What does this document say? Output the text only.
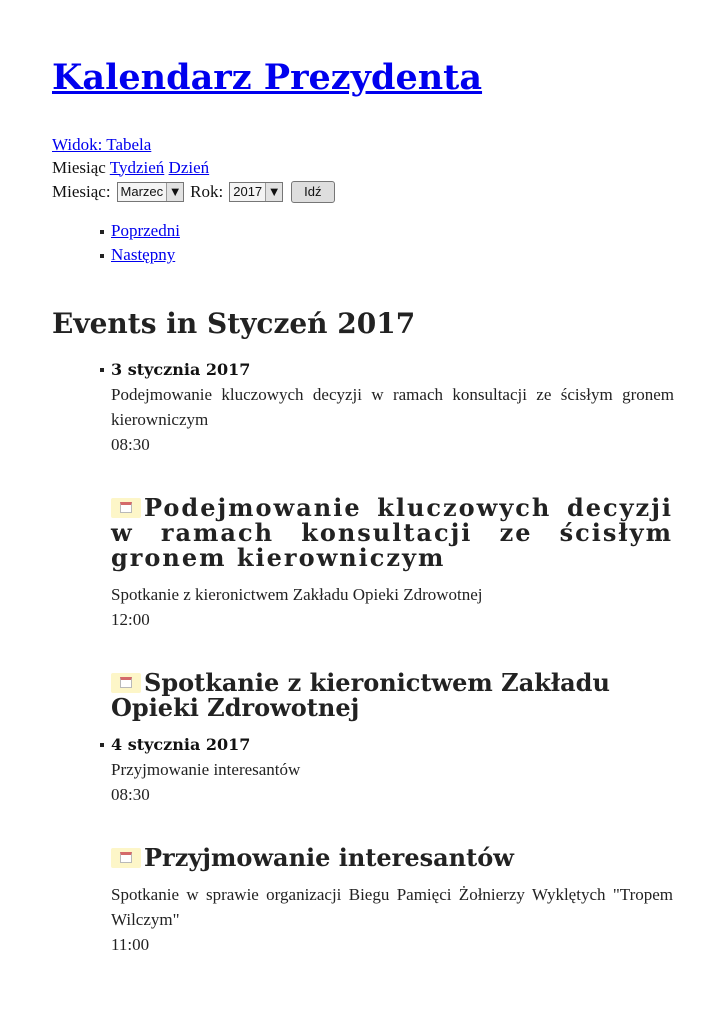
Kalendarz Prezydenta
Widok: Tabela
Miesiąc Tydzień Dzień
Miesiąc: Marzec ▼ Rok: 2017 ▼	Idź
Poprzedni
Następny
Events in Styczeń 2017
3 stycznia 2017

Podejmowanie kluczowych decyzji w ramach konsultacji ze ścisłym gronem kierowniczym

08:30

Podejmowanie kluczowych decyzji w ramach konsultacji ze ścisłym gronem kierowniczym

Spotkanie z kieronictwem Zakładu Opieki Zdrowotnej

12:00

Spotkanie z kieronictwem Zakładu Opieki Zdrowotnej
4 stycznia 2017

Przyjmowanie interesantów

08:30

Przyjmowanie interesantów

Spotkanie w sprawie organizacji Biegu Pamięci Żołnierzy Wyklętych "Tropem Wilczym"

11:00
